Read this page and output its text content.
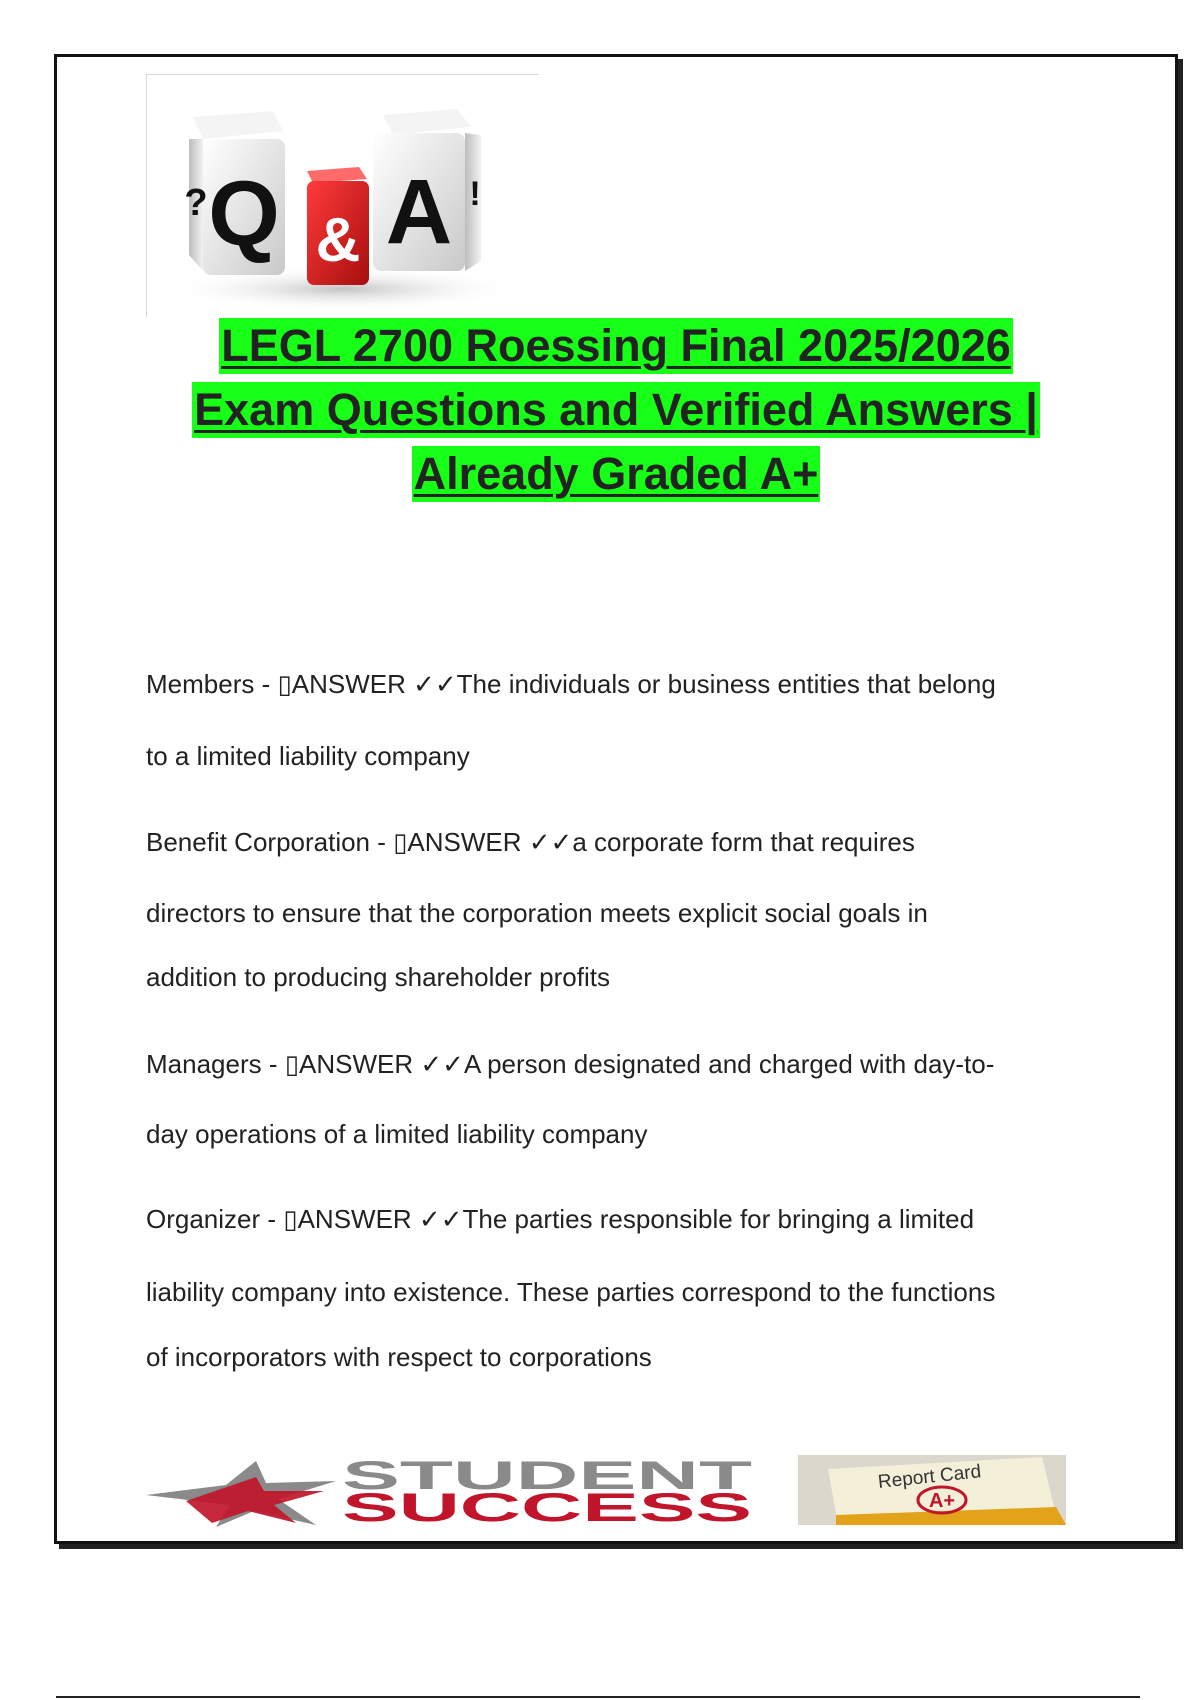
Q
? A !
&
LEGL 2700 Roessing Final 2025/2026
Exam Questions and Verified Answers |
Already Graded A+
Members - ▯ANSWER ✓✓The individuals or business entities that belong
to a limited liability company
Benefit Corporation - ▯ANSWER ✓✓a corporate form that requires
directors to ensure that the corporation meets explicit social goals in
addition to producing shareholder profits
Managers - ▯ANSWER ✓✓A person designated and charged with day-to-
day operations of a limited liability company
Organizer - ▯ANSWER ✓✓The parties responsible for bringing a limited
liability company into existence. These parties correspond to the functions
of incorporators with respect to corporations
STUDENT
SUCCESS
Report Card
A+
